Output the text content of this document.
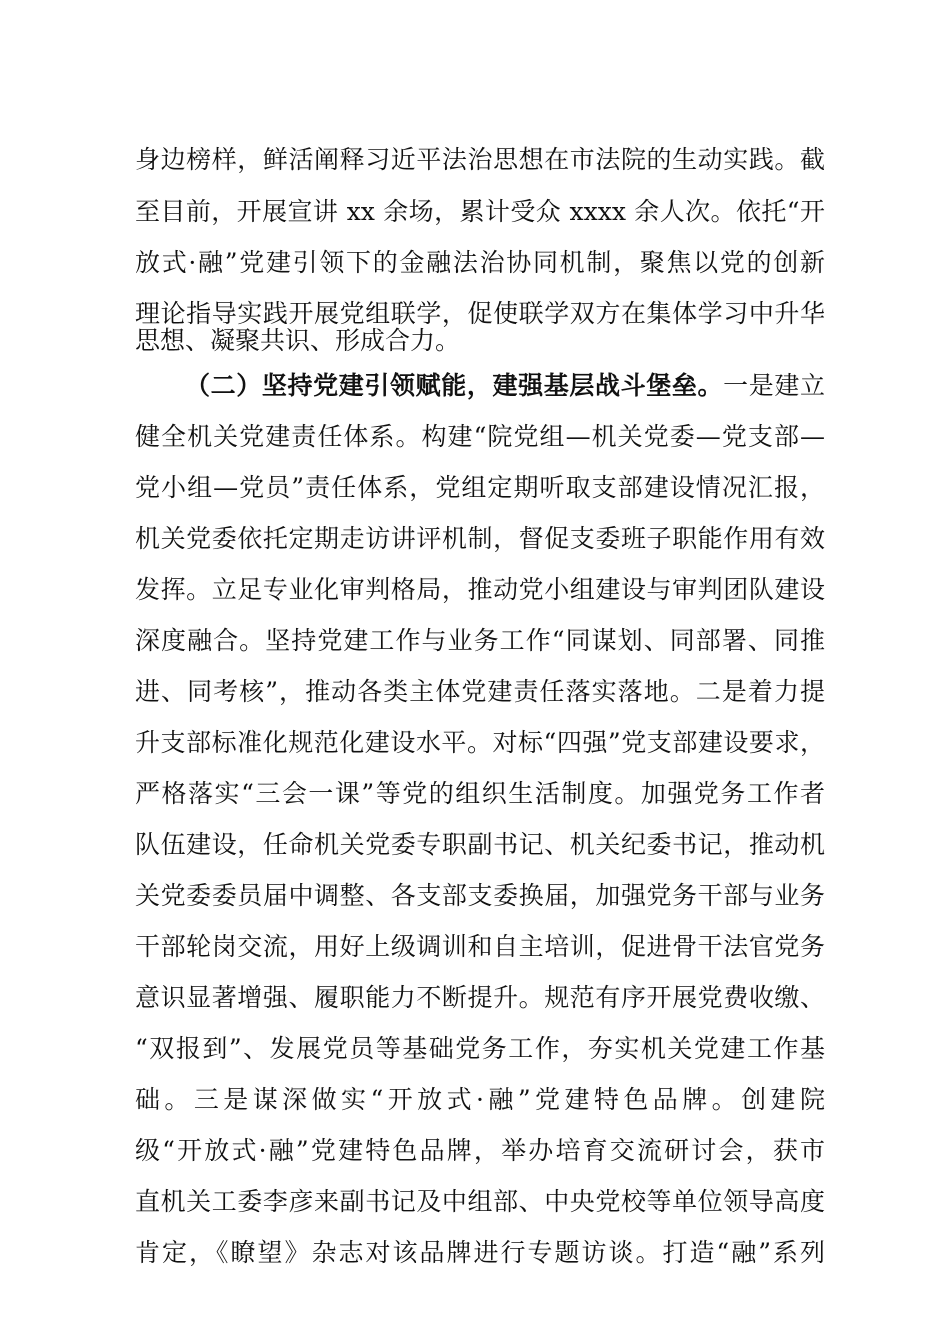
身边榜样，鲜活阐释习近平法治思想在市法院的生动实践。截
至目前，开展宣讲 xx 余场，累计受众 xxxx 余人次。依托“开
放式·融”党建引领下的金融法治协同机制，聚焦以党的创新
理论指导实践开展党组联学，促使联学双方在集体学习中升华
思想、凝聚共识、形成合力。
（二）坚持党建引领赋能，建强基层战斗堡垒。一是建立
健全机关党建责任体系。构建“院党组—机关党委—党支部—
党小组—党员”责任体系，党组定期听取支部建设情况汇报，
机关党委依托定期走访讲评机制，督促支委班子职能作用有效
发挥。立足专业化审判格局，推动党小组建设与审判团队建设
深度融合。坚持党建工作与业务工作“同谋划、同部署、同推
进、同考核”，推动各类主体党建责任落实落地。二是着力提
升支部标准化规范化建设水平。对标“四强”党支部建设要求，
严格落实“三会一课”等党的组织生活制度。加强党务工作者
队伍建设，任命机关党委专职副书记、机关纪委书记，推动机
关党委委员届中调整、各支部支委换届，加强党务干部与业务
干部轮岗交流，用好上级调训和自主培训，促进骨干法官党务
意识显著增强、履职能力不断提升。规范有序开展党费收缴、
“双报到”、发展党员等基础党务工作，夯实机关党建工作基
础。三是谋深做实“开放式·融”党建特色品牌。创建院
级“开放式·融”党建特色品牌，举办培育交流研讨会，获市
直机关工委李彦来副书记及中组部、中央党校等单位领导高度
肯定，《瞭望》杂志对该品牌进行专题访谈。打造“融”系列
